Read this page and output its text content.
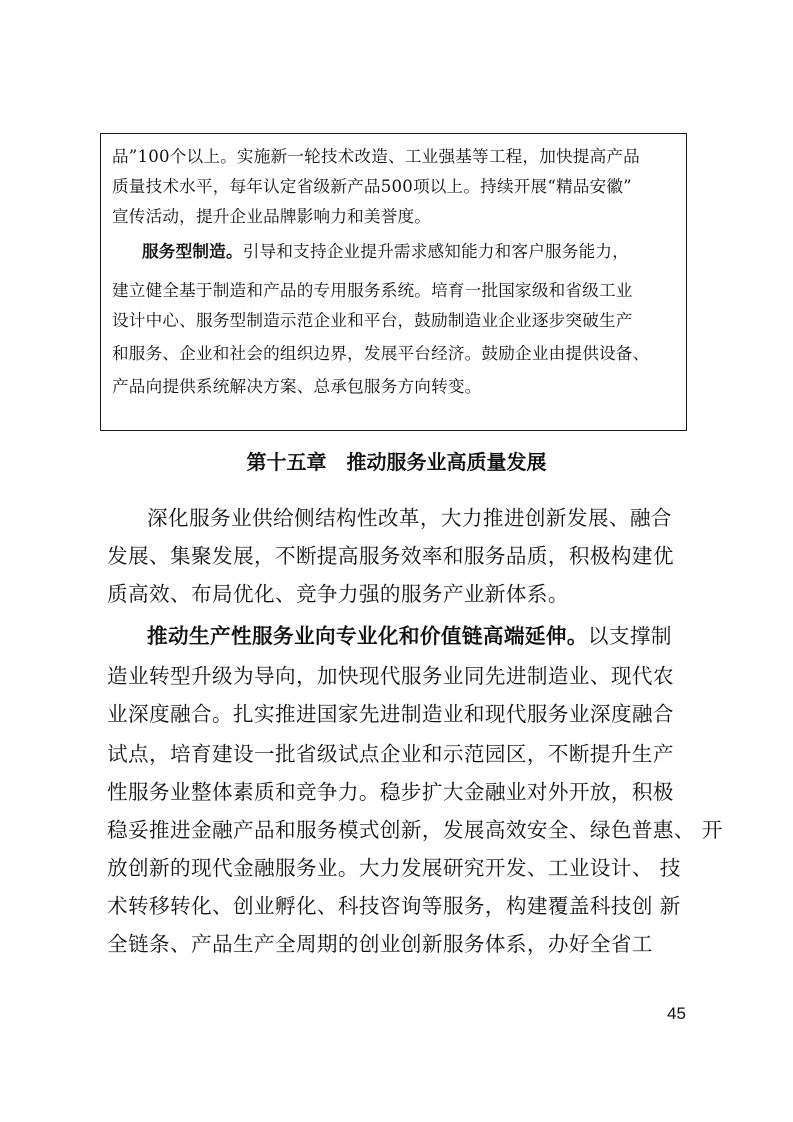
品”100个以上。实施新一轮技术改造、工业强基等工程，加快提高产品
质量技术水平，每年认定省级新产品500项以上。持续开展“精品安徽”
宣传活动，提升企业品牌影响力和美誉度。
服务型制造。引导和支持企业提升需求感知能力和客户服务能力，
建立健全基于制造和产品的专用服务系统。培育一批国家级和省级工业
设计中心、服务型制造示范企业和平台，鼓励制造业企业逐步突破生产
和服务、企业和社会的组织边界，发展平台经济。鼓励企业由提供设备、
产品向提供系统解决方案、总承包服务方向转变。
第十五章　推动服务业高质量发展
深化服务业供给侧结构性改革，大力推进创新发展、融合
发展、集聚发展，不断提高服务效率和服务品质，积极构建优
质高效、布局优化、竞争力强的服务产业新体系。
推动生产性服务业向专业化和价值链高端延伸。以支撑制
造业转型升级为导向，加快现代服务业同先进制造业、现代农
业深度融合。扎实推进国家先进制造业和现代服务业深度融合
试点，培育建设一批省级试点企业和示范园区，不断提升生产
性服务业整体素质和竞争力。稳步扩大金融业对外开放，积极
稳妥推进金融产品和服务模式创新，发展高效安全、绿色普惠、 开
放创新的现代金融服务业。大力发展研究开发、工业设计、 技
术转移转化、创业孵化、科技咨询等服务，构建覆盖科技创 新
全链条、产品生产全周期的创业创新服务体系，办好全省工
45
